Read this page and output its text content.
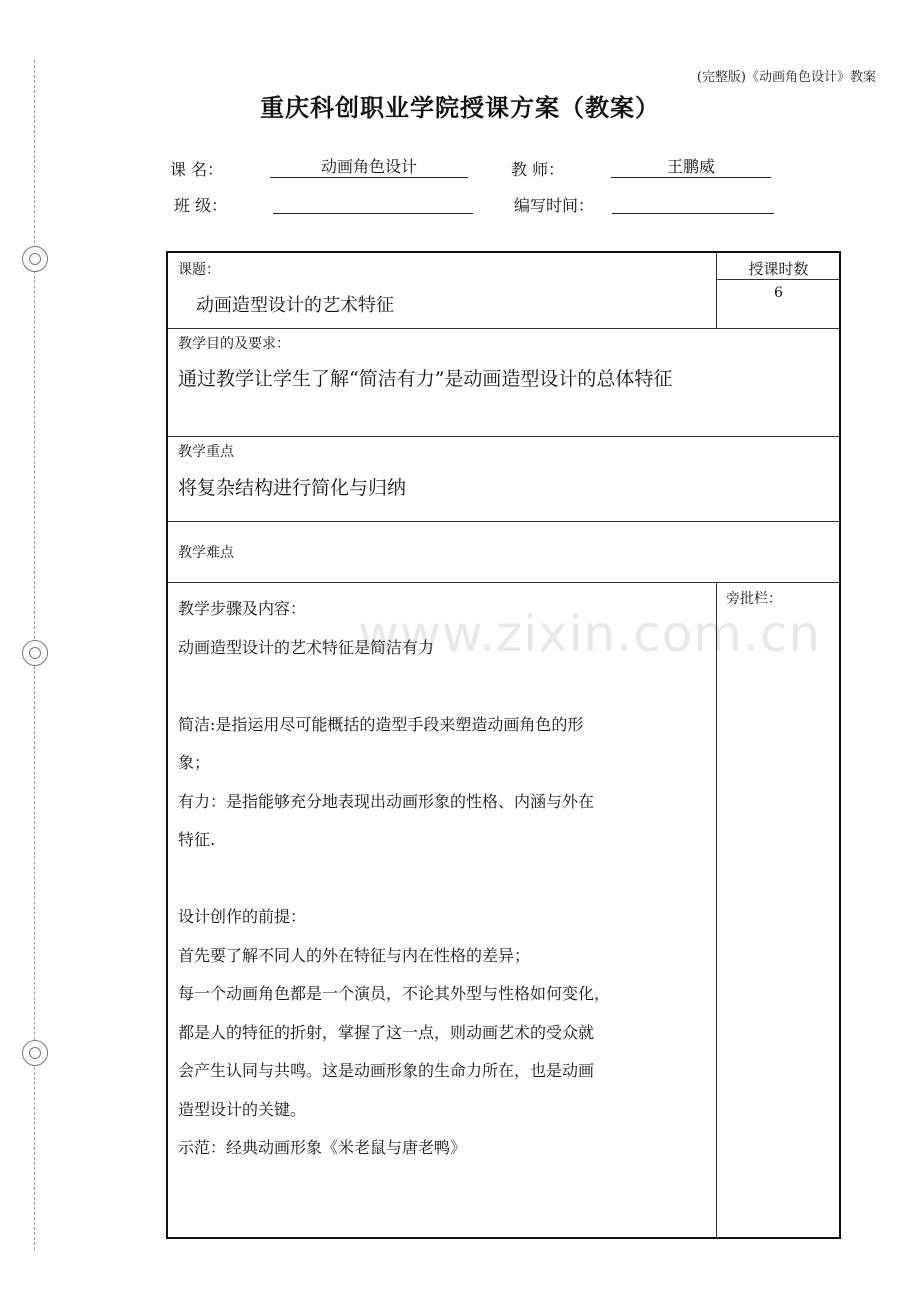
(完整版)《动画角色设计》教案
重庆科创职业学院授课方案（教案）
课 名：	动画角色设计	教 师：	王鹏威
班 级：	编写时间：
课题：
动画造型设计的艺术特征
授课时数
6
教学目的及要求：
通过教学让学生了解“简洁有力”是动画造型设计的总体特征
教学重点
将复杂结构进行简化与归纳
教学难点
旁批栏：

教学步骤及内容：

动画造型设计的艺术特征是简洁有力

简洁:是指运用尽可能概括的造型手段来塑造动画角色的形

象；

有力：是指能够充分地表现出动画形象的性格、内涵与外在

特征.

设计创作的前提：

首先要了解不同人的外在特征与内在性格的差异；

每一个动画角色都是一个演员，不论其外型与性格如何变化，

都是人的特征的折射，掌握了这一点，则动画艺术的受众就

会产生认同与共鸣。这是动画形象的生命力所在，也是动画

造型设计的关键。

示范：经典动画形象《米老鼠与唐老鸭》

www.zixin.com.cn
